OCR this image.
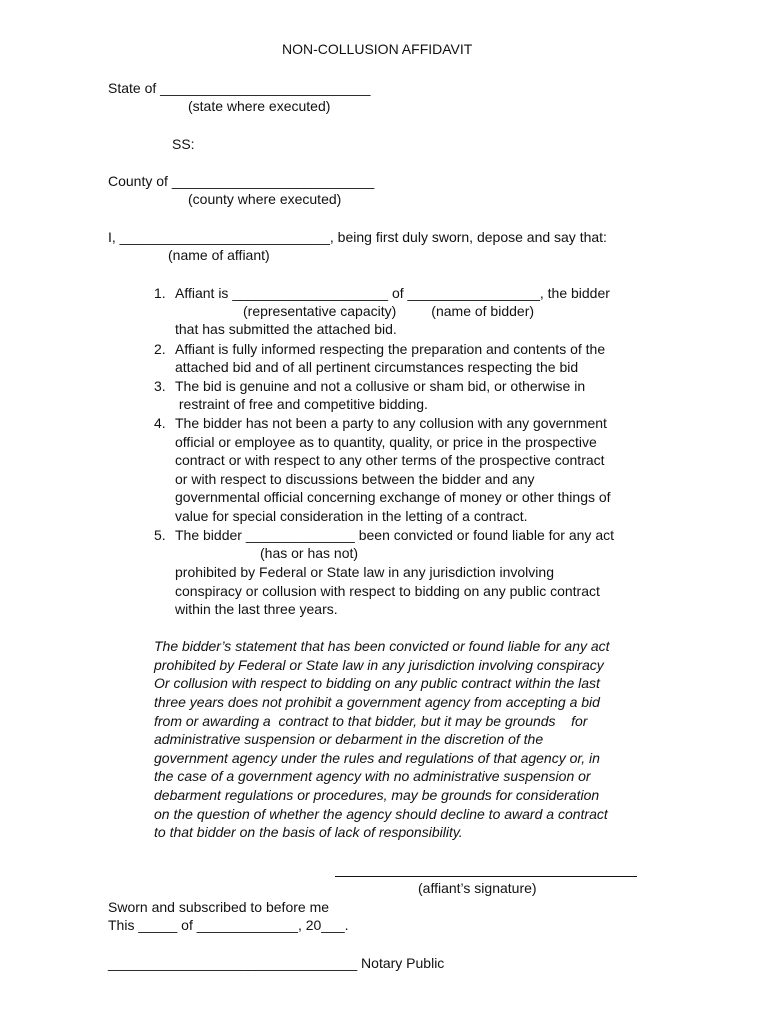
NON-COLLUSION AFFIDAVIT
State of ___________________________
(state where executed)
SS:
County of __________________________
(county where executed)
I, ___________________________, being first duly sworn, depose and say that:
(name of affiant)
1. Affiant is ____________________ of _________________, the bidder
(representative capacity)         (name of bidder)
that has submitted the attached bid.
2. Affiant is fully informed respecting the preparation and contents of the
attached bid and of all pertinent circumstances respecting the bid
3. The bid is genuine and not a collusive or sham bid, or otherwise in
restraint of free and competitive bidding.
4. The bidder has not been a party to any collusion with any government
official or employee as to quantity, quality, or price in the prospective
contract or with respect to any other terms of the prospective contract
or with respect to discussions between the bidder and any
governmental official concerning exchange of money or other things of
value for special consideration in the letting of a contract.
5. The bidder ______________ been convicted or found liable for any act
(has or has not)
prohibited by Federal or State law in any jurisdiction involving
conspiracy or collusion with respect to bidding on any public contract
within the last three years.
The bidder’s statement that has been convicted or found liable for any act
prohibited by Federal or State law in any jurisdiction involving conspiracy
Or collusion with respect to bidding on any public contract within the last
three years does not prohibit a government agency from accepting a bid
from or awarding a  contract to that bidder, but it may be grounds    for
administrative suspension or debarment in the discretion of the
government agency under the rules and regulations of that agency or, in
the case of a government agency with no administrative suspension or
debarment regulations or procedures, may be grounds for consideration
on the question of whether the agency should decline to award a contract
to that bidder on the basis of lack of responsibility.
(affiant’s signature)
Sworn and subscribed to before me
This _____ of _____________, 20___.
________________________________ Notary Public
